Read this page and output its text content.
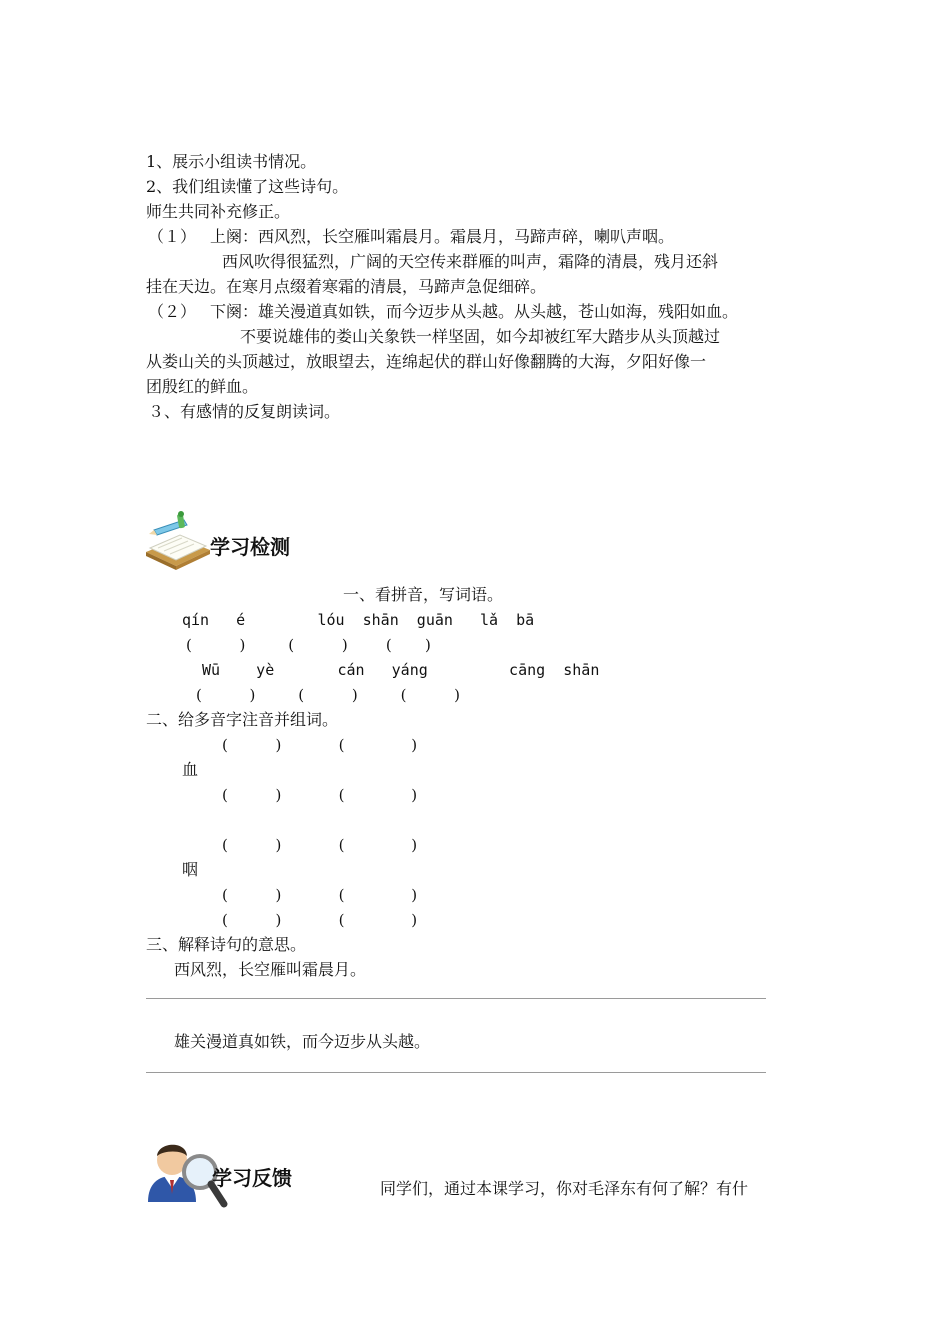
1、展示小组读书情况。
2、我们组读懂了这些诗句。
师生共同补充修正。
（１） 上阕：西风烈，长空雁叫霜晨月。霜晨月，马蹄声碎，喇叭声咽。
西风吹得很猛烈，广阔的天空传来群雁的叫声，霜降的清晨，残月还斜
挂在天边。在寒月点缀着寒霜的清晨，马蹄声急促细碎。
（２） 下阕：雄关漫道真如铁，而今迈步从头越。从头越，苍山如海，残阳如血。
不要说雄伟的娄山关象铁一样坚固，如今却被红军大踏步从头顶越过
从娄山关的头顶越过，放眼望去，连绵起伏的群山好像翻腾的大海，夕阳好像一
团殷红的鲜血。
３、有感情的反复朗读词。
学习检测
一、看拼音，写词语。
qín   é        lóu  shān  guān   lǎ  bā
(          )         (          )        (       )
Wū    yè       cán   yáng         cāng  shān
(          )         (          )         (          )
二、给多音字注音并组词。
(          )            (              )
血
(          )            (              )
(          )            (              )
咽
(          )            (              )
(          )            (              )
三、解释诗句的意思。
西风烈，长空雁叫霜晨月。
雄关漫道真如铁，而今迈步从头越。
学习反馈	同学们，通过本课学习，你对毛泽东有何了解？有什
